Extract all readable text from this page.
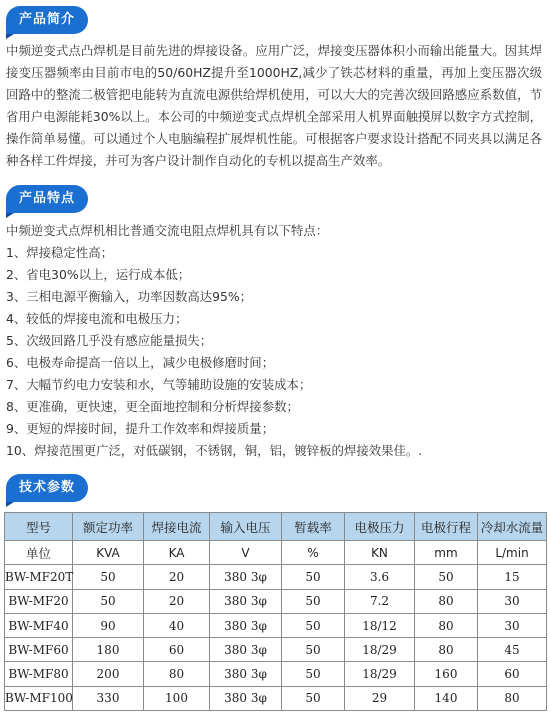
产品简介
中频逆变式点凸焊机是目前先进的焊接设备。应用广泛，焊接变压器体积小而输出能量大。因其焊接变压器频率由目前市电的50/60HZ提升至1000HZ,减少了铁芯材料的重量，再加上变压器次级回路中的整流二极管把电能转为直流电源供给焊机使用，可以大大的完善次级回路感应系数值，节省用户电源能耗30%以上。本公司的中频逆变式点焊机全部采用人机界面触摸屏以数字方式控制，操作简单易懂。可以通过个人电脑编程扩展焊机性能。可根据客户要求设计搭配不同夹具以满足各种各样工件焊接，并可为客户设计制作自动化的专机以提高生产效率。
产品特点
中频逆变式点焊机相比普通交流电阻点焊机具有以下特点：
1、焊接稳定性高；
2、省电30%以上，运行成本低；
3、三相电源平衡输入，功率因数高达95%；
4、较低的焊接电流和电极压力；
5、次级回路几乎没有感应能量损失；
6、电极寿命提高一倍以上，减少电极修磨时间；
7、大幅节约电力安装和水，气等辅助设施的安装成本；
8、更准确，更快速，更全面地控制和分析焊接参数；
9、更短的焊接时间，提升工作效率和焊接质量；
10、焊接范围更广泛，对低碳钢，不锈钢，铜，铝，镀锌板的焊接效果佳。.
技术参数
型号	额定功率	焊接电流	输入电压	暂载率	电极压力	电极行程	冷却水流量
单位	KVA	KA	V	%	KN	mm	L/min
BW-MF20T	50	20	380 3φ	50	3.6	50	15
BW-MF20	50	20	380 3φ	50	7.2	80	30
BW-MF40	90	40	380 3φ	50	18/12	80	30
BW-MF60	180	60	380 3φ	50	18/29	80	45
BW-MF80	200	80	380 3φ	50	18/29	160	60
BW-MF100	330	100	380 3φ	50	29	140	80
